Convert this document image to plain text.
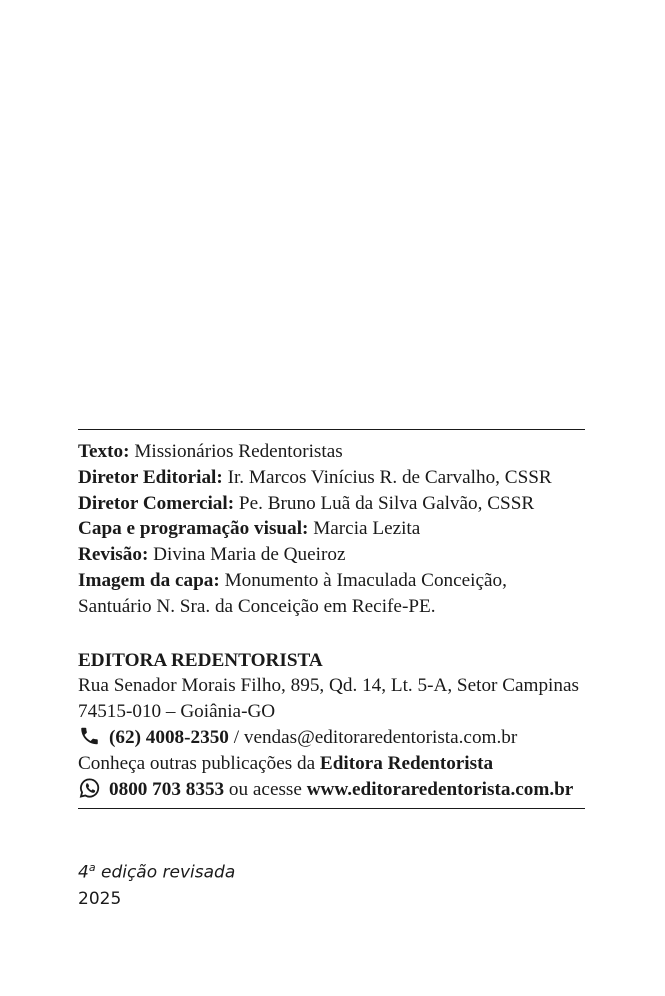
Texto: Missionários Redentoristas
Diretor Editorial: Ir. Marcos Vinícius R. de Carvalho, CSSR
Diretor Comercial: Pe. Bruno Luã da Silva Galvão, CSSR
Capa e programação visual: Marcia Lezita
Revisão: Divina Maria de Queiroz
Imagem da capa: Monumento à Imaculada Conceição,
Santuário N. Sra. da Conceição em Recife-PE.
EDITORA REDENTORISTA
Rua Senador Morais Filho, 895, Qd. 14, Lt. 5-A, Setor Campinas
74515-010 – Goiânia-GO
(62) 4008-2350 / vendas@editoraredentorista.com.br
Conheça outras publicações da Editora Redentorista
0800 703 8353 ou acesse www.editoraredentorista.com.br
4$^a$ edição revisada
2025
